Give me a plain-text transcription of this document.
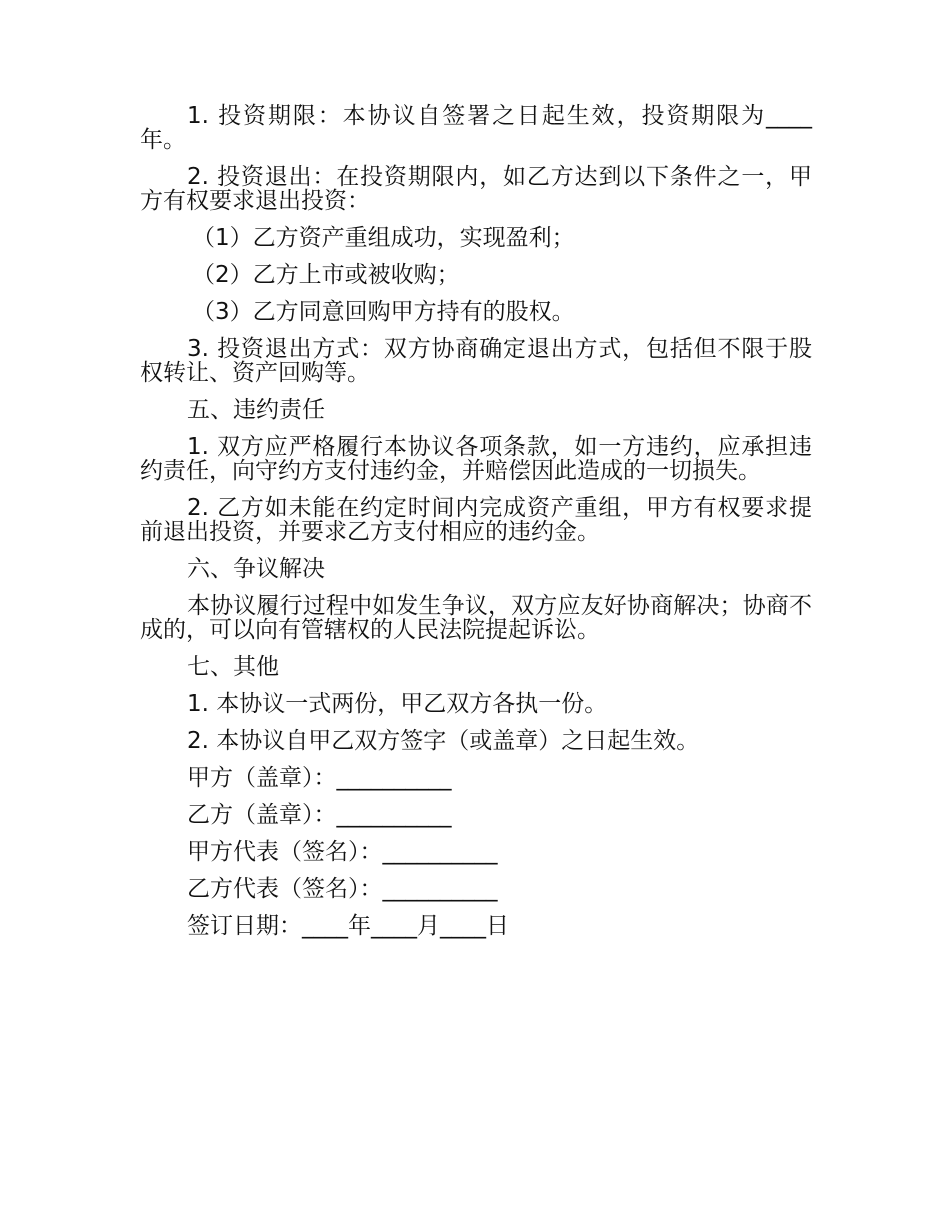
1. 投资期限：本协议自签署之日起生效，投资期限为____年。

2. 投资退出：在投资期限内，如乙方达到以下条件之一，甲方有权要求退出投资：

（1）乙方资产重组成功，实现盈利；

（2）乙方上市或被收购；

（3）乙方同意回购甲方持有的股权。

3. 投资退出方式：双方协商确定退出方式，包括但不限于股权转让、资产回购等。

五、违约责任

1. 双方应严格履行本协议各项条款，如一方违约，应承担违约责任，向守约方支付违约金，并赔偿因此造成的一切损失。

2. 乙方如未能在约定时间内完成资产重组，甲方有权要求提前退出投资，并要求乙方支付相应的违约金。

六、争议解决

本协议履行过程中如发生争议，双方应友好协商解决；协商不成的，可以向有管辖权的人民法院提起诉讼。

七、其他

1. 本协议一式两份，甲乙双方各执一份。

2. 本协议自甲乙双方签字（或盖章）之日起生效。

甲方（盖章）：__________

乙方（盖章）：__________

甲方代表（签名）：__________

乙方代表（签名）：__________

签订日期：____年____月____日
